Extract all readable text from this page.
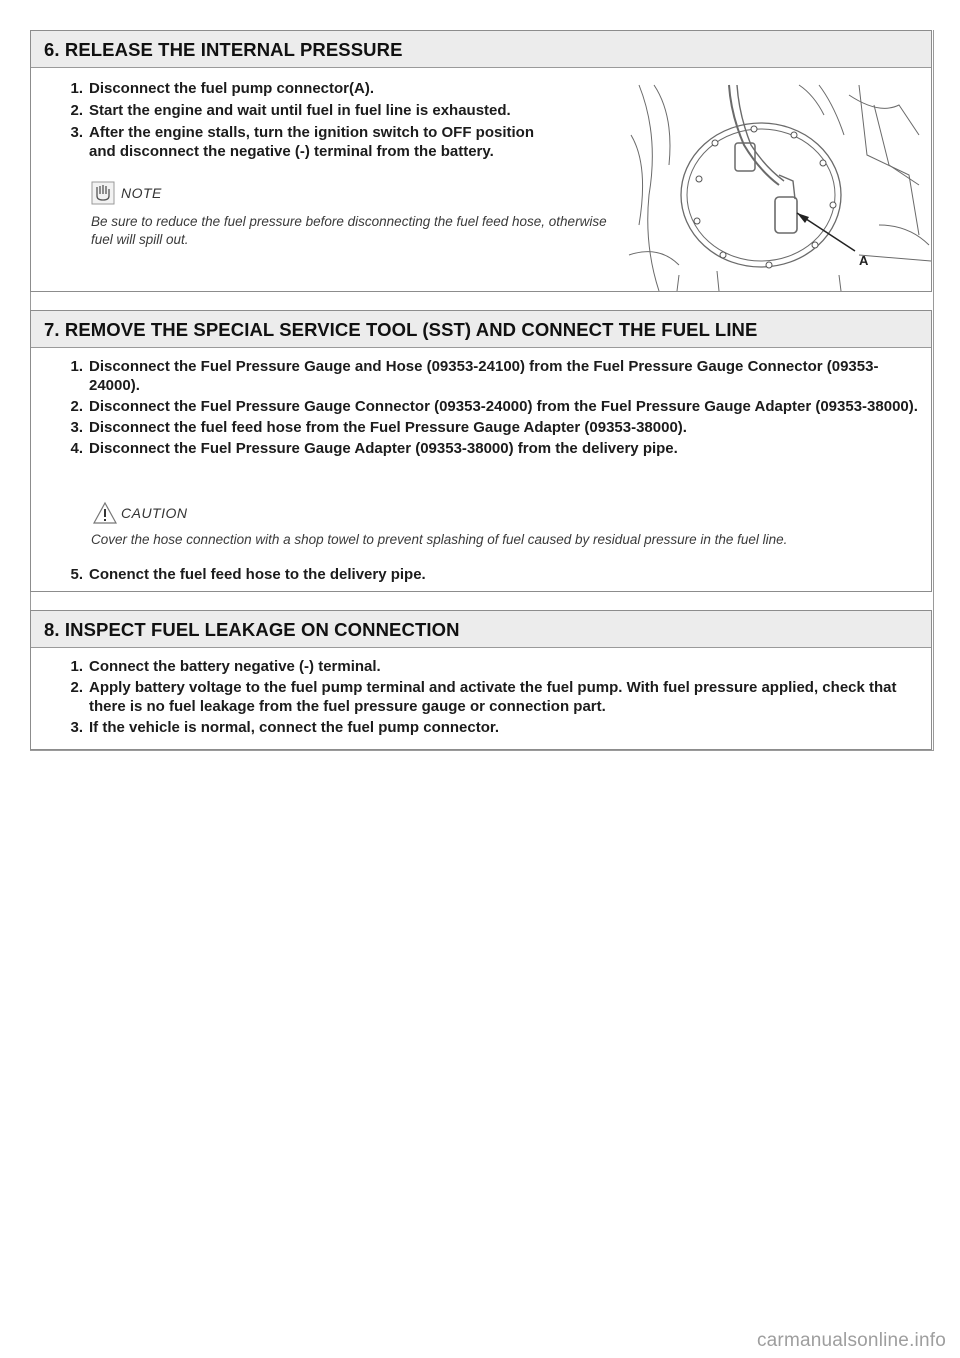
6. RELEASE THE INTERNAL PRESSURE
1. Disconnect the fuel pump connector(A).
2. Start the engine and wait until fuel in fuel line is exhausted.
3. After the engine stalls, turn the ignition switch to OFF position and disconnect the negative (-) terminal from the battery.
NOTE
Be sure to reduce the fuel pressure before disconnecting the fuel feed hose, otherwise fuel will spill out.
A
7. REMOVE THE SPECIAL SERVICE TOOL (SST) AND CONNECT THE FUEL LINE
1. Disconnect the Fuel Pressure Gauge and Hose (09353-24100) from the Fuel Pressure Gauge Connector (09353-24000).
2. Disconnect the Fuel Pressure Gauge Connector (09353-24000) from the Fuel Pressure Gauge Adapter (09353-38000).
3. Disconnect the fuel feed hose from the Fuel Pressure Gauge Adapter (09353-38000).
4. Disconnect the Fuel Pressure Gauge Adapter (09353-38000) from the delivery pipe.
CAUTION
Cover the hose connection with a shop towel to prevent splashing of fuel caused by residual pressure in the fuel line.
5. Conenct the fuel feed hose to the delivery pipe.
8. INSPECT FUEL LEAKAGE ON CONNECTION
1. Connect the battery negative (-) terminal.
2. Apply battery voltage to the fuel pump terminal and activate the fuel pump. With fuel pressure applied, check that there is no fuel leakage from the fuel pressure gauge or connection part.
3. If the vehicle is normal, connect the fuel pump connector.
carmanualsonline.info
